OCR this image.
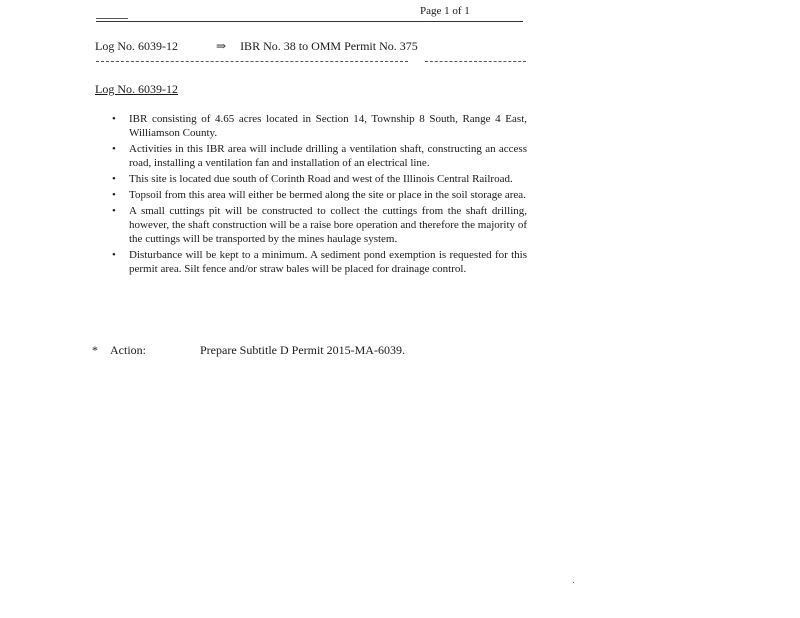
Page 1 of 1
Log No. 6039-12	⇒ IBR No. 38 to OMM Permit No. 375
Log No. 6039-12
• IBR consisting of 4.65 acres located in Section 14, Township 8 South, Range 4 East, Williamson County.
• Activities in this IBR area will include drilling a ventilation shaft, constructing an access road, installing a ventilation fan and installation of an electrical line.
• This site is located due south of Corinth Road and west of the Illinois Central Railroad.
• Topsoil from this area will either be bermed along the site or place in the soil storage area.
• A small cuttings pit will be constructed to collect the cuttings from the shaft drilling, however, the shaft construction will be a raise bore operation and therefore the majority of the cuttings will be transported by the mines haulage system.
• Disturbance will be kept to a minimum. A sediment pond exemption is requested for this permit area. Silt fence and/or straw bales will be placed for drainage control.
* Action:	Prepare Subtitle D Permit 2015-MA-6039.
